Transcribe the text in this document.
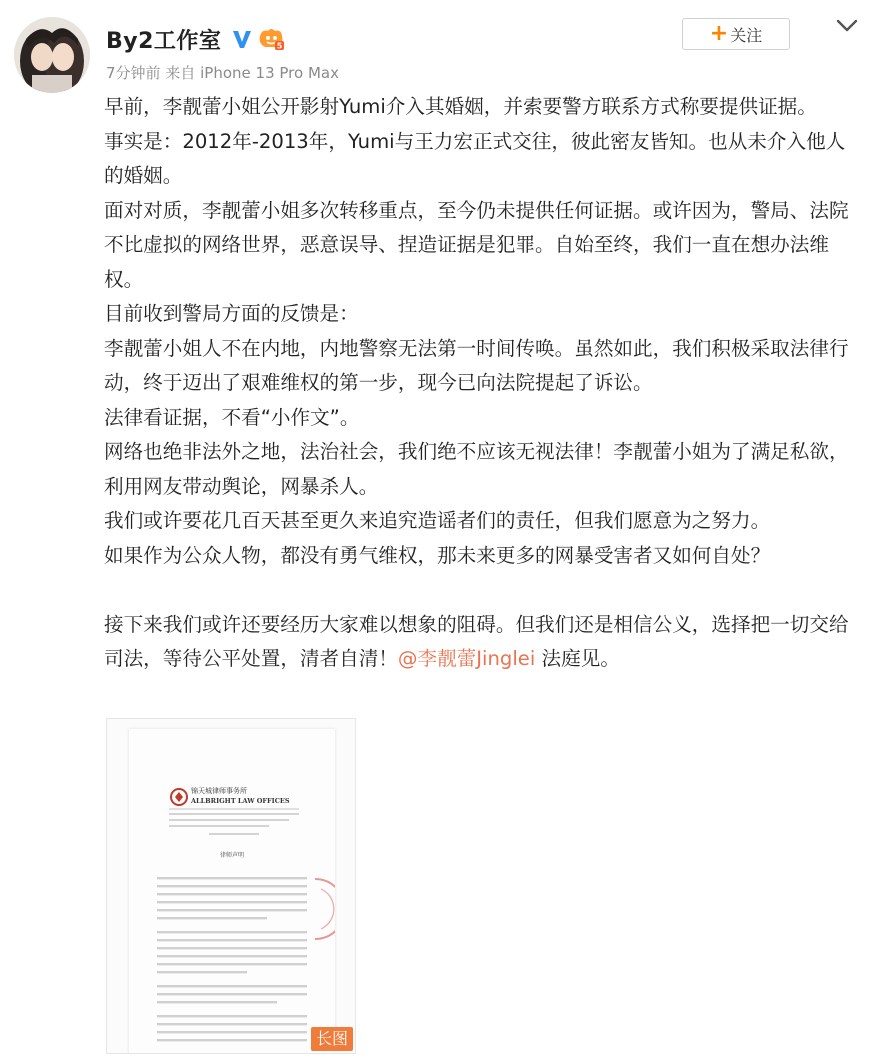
By2工作室	5
7分钟前 来自 iPhone 13 Pro Max
+ 关注

早前，李靓蕾小姐公开影射Yumi介入其婚姻，并索要警方联系方式称要提供证据。

事实是：2012年-2013年，Yumi与王力宏正式交往，彼此密友皆知。也从未介入他人的婚姻。

面对对质，李靓蕾小姐多次转移重点，至今仍未提供任何证据。或许因为，警局、法院不比虚拟的网络世界，恶意误导、捏造证据是犯罪。自始至终，我们一直在想办法维权。

目前收到警局方面的反馈是：

李靓蕾小姐人不在内地，内地警察无法第一时间传唤。虽然如此，我们积极采取法律行动，终于迈出了艰难维权的第一步，现今已向法院提起了诉讼。

法律看证据，不看“小作文”。

网络也绝非法外之地，法治社会，我们绝不应该无视法律！李靓蕾小姐为了满足私欲，利用网友带动舆论，网暴杀人。

我们或许要花几百天甚至更久来追究造谣者们的责任，但我们愿意为之努力。

如果作为公众人物，都没有勇气维权，那未来更多的网暴受害者又如何自处？

接下来我们或许还要经历大家难以想象的阻碍。但我们还是相信公义，选择把一切交给司法，等待公平处置，清者自清！@李靓蕾Jinglei 法庭见。

锦天城律师事务所
ALLBRIGHT LAW OFFICES
律师声明
长图
